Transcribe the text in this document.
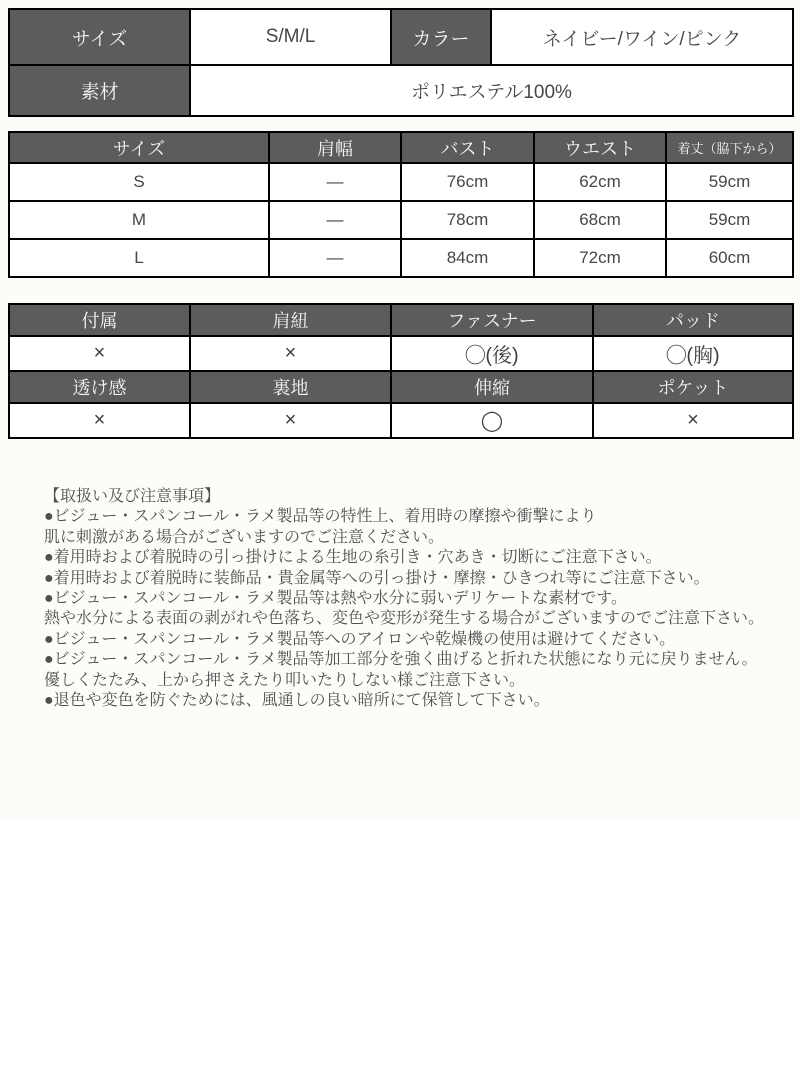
サイズ	S/M/L	カラー	ネイビー/ワイン/ピンク
素材	ポリエステル100%		
サイズ	肩幅	バスト	ウエスト	着丈（脇下から）
S	―	76cm	62cm	59cm
M	―	78cm	68cm	59cm
L	―	84cm	72cm	60cm
付属	肩紐	ファスナー	パッド
×	×	◯(後)	◯(胸)
透け感	裏地	伸縮	ポケット
×	×	◯	×
【取扱い及び注意事項】
●ビジュー・スパンコール・ラメ製品等の特性上、着用時の摩擦や衝撃により
肌に刺激がある場合がございますのでご注意ください。
●着用時および着脱時の引っ掛けによる生地の糸引き・穴あき・切断にご注意下さい。
●着用時および着脱時に装飾品・貴金属等への引っ掛け・摩擦・ひきつれ等にご注意下さい。
●ビジュー・スパンコール・ラメ製品等は熱や水分に弱いデリケートな素材です。
熱や水分による表面の剥がれや色落ち、変色や変形が発生する場合がございますのでご注意下さい。
●ビジュー・スパンコール・ラメ製品等へのアイロンや乾燥機の使用は避けてください。
●ビジュー・スパンコール・ラメ製品等加工部分を強く曲げると折れた状態になり元に戻りません。
優しくたたみ、上から押さえたり叩いたりしない様ご注意下さい。
●退色や変色を防ぐためには、風通しの良い暗所にて保管して下さい。
